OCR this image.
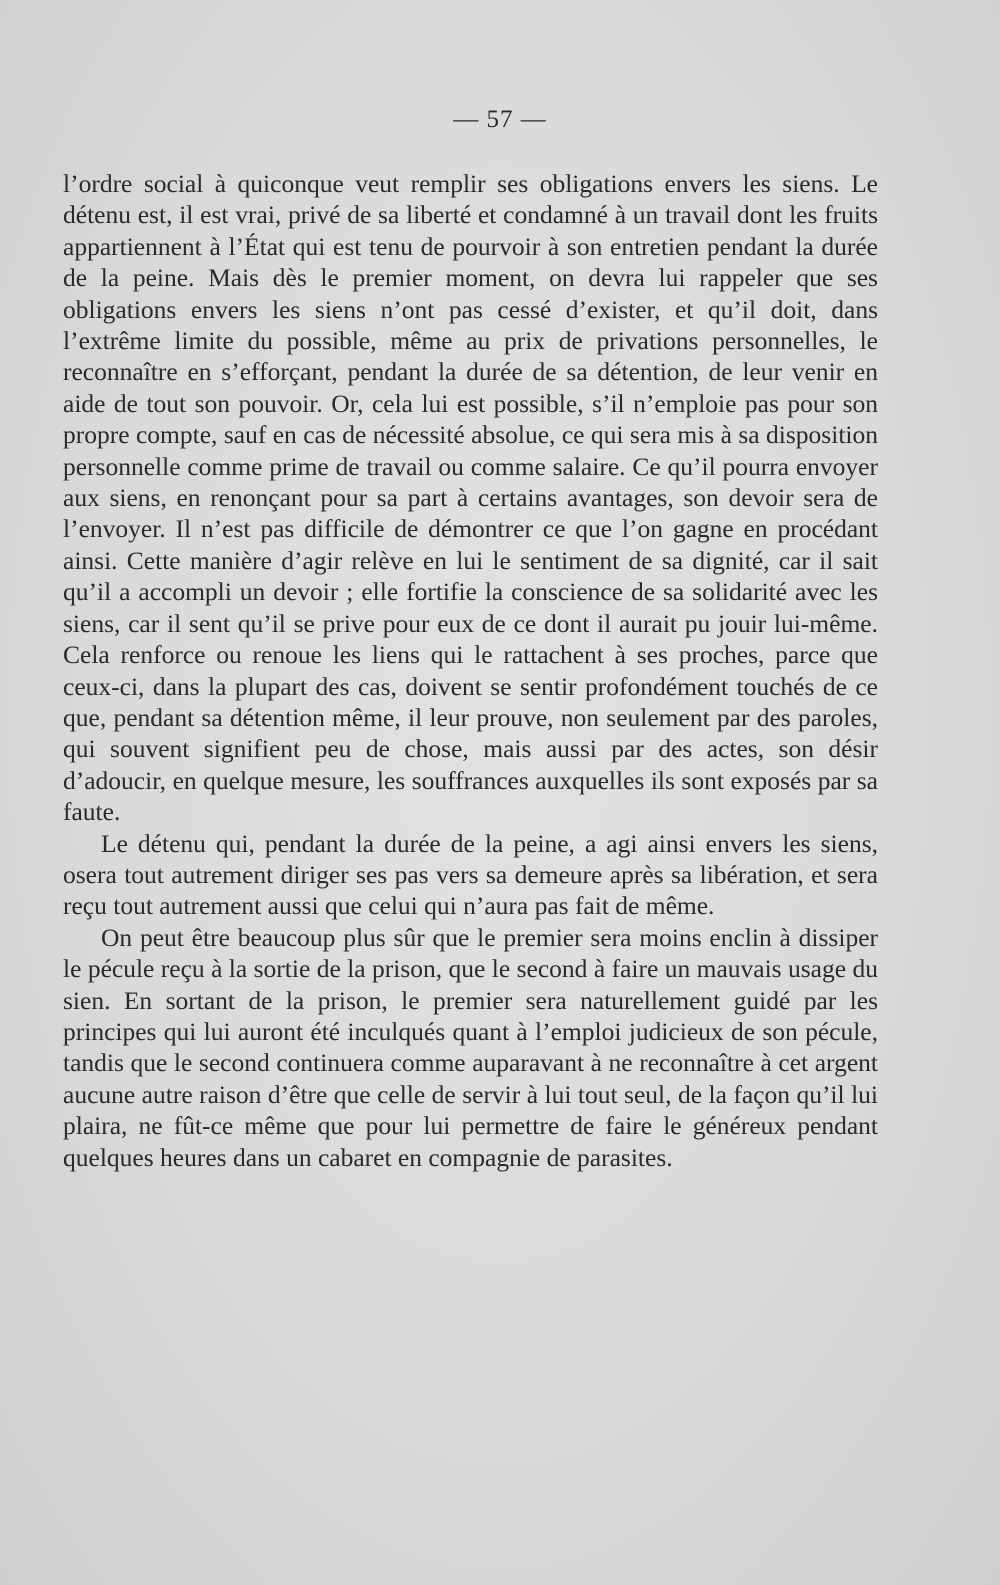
— 57 —

l’ordre social à quiconque veut remplir ses obligations envers les siens. Le détenu est, il est vrai, privé de sa liberté et condamné à un travail dont les fruits appartiennent à l’État qui est tenu de pourvoir à son entretien pendant la durée de la peine. Mais dès le premier moment, on devra lui rappeler que ses obligations envers les siens n’ont pas cessé d’exister, et qu’il doit, dans l’extrême limite du possible, même au prix de privations personnelles, le reconnaître en s’efforçant, pendant la durée de sa détention, de leur venir en aide de tout son pouvoir. Or, cela lui est possible, s’il n’emploie pas pour son propre compte, sauf en cas de nécessité absolue, ce qui sera mis à sa disposition personnelle comme prime de travail ou comme salaire. Ce qu’il pourra envoyer aux siens, en renonçant pour sa part à certains avantages, son devoir sera de l’envoyer. Il n’est pas difficile de démontrer ce que l’on gagne en procédant ainsi. Cette manière d’agir relève en lui le sentiment de sa dignité, car il sait qu’il a accompli un devoir ; elle fortifie la conscience de sa solidarité avec les siens, car il sent qu’il se prive pour eux de ce dont il aurait pu jouir lui-même. Cela renforce ou renoue les liens qui le rattachent à ses proches, parce que ceux-ci, dans la plupart des cas, doivent se sentir profondément touchés de ce que, pendant sa détention même, il leur prouve, non seulement par des paroles, qui souvent signifient peu de chose, mais aussi par des actes, son désir d’adoucir, en quelque mesure, les souffrances auxquelles ils sont exposés par sa faute.

Le détenu qui, pendant la durée de la peine, a agi ainsi envers les siens, osera tout autrement diriger ses pas vers sa demeure après sa libération, et sera reçu tout autrement aussi que celui qui n’aura pas fait de même.

On peut être beaucoup plus sûr que le premier sera moins enclin à dissiper le pécule reçu à la sortie de la prison, que le second à faire un mauvais usage du sien. En sortant de la prison, le premier sera naturellement guidé par les principes qui lui auront été inculqués quant à l’emploi judicieux de son pécule, tandis que le second continuera comme auparavant à ne reconnaître à cet argent aucune autre raison d’être que celle de servir à lui tout seul, de la façon qu’il lui plaira, ne fût-ce même que pour lui permettre de faire le généreux pendant quelques heures dans un cabaret en compagnie de parasites.
